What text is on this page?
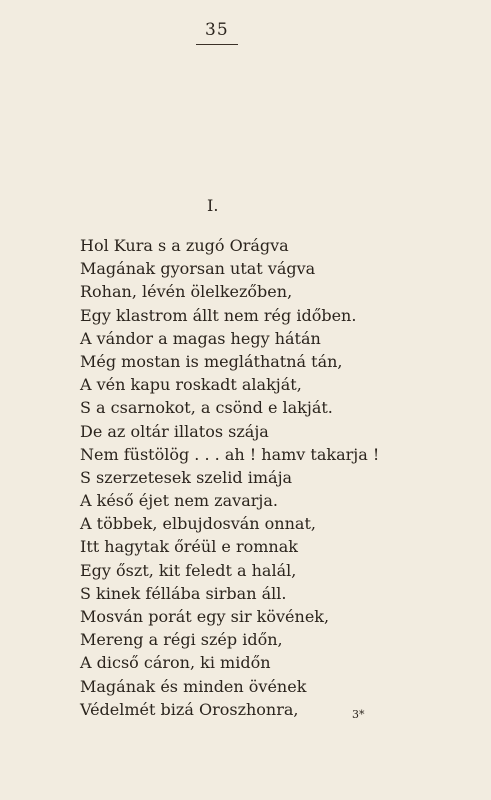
35
I.
Hol Kura s a zugó Orágva
Magának gyorsan utat vágva
Rohan, lévén ölelkezőben,
Egy klastrom állt nem rég időben.
A vándor a magas hegy hátán
Még mostan is megláthatná tán,
A vén kapu roskadt alakját,
S a csarnokot, a csönd e lakját.
De az oltár illatos szája
Nem füstölög . . . ah ! hamv takarja !
S szerzetesek szelid imája
A késő éjet nem zavarja.
A többek, elbujdosván onnat,
Itt hagytak őréül e romnak
Egy őszt, kit feledt a halál,
S kinek féllába sirban áll.
Mosván porát egy sir kövének,
Mereng a régi szép időn,
A dicső cáron, ki midőn
Magának és minden övének
Védelmét bizá Oroszhonra,	3*
